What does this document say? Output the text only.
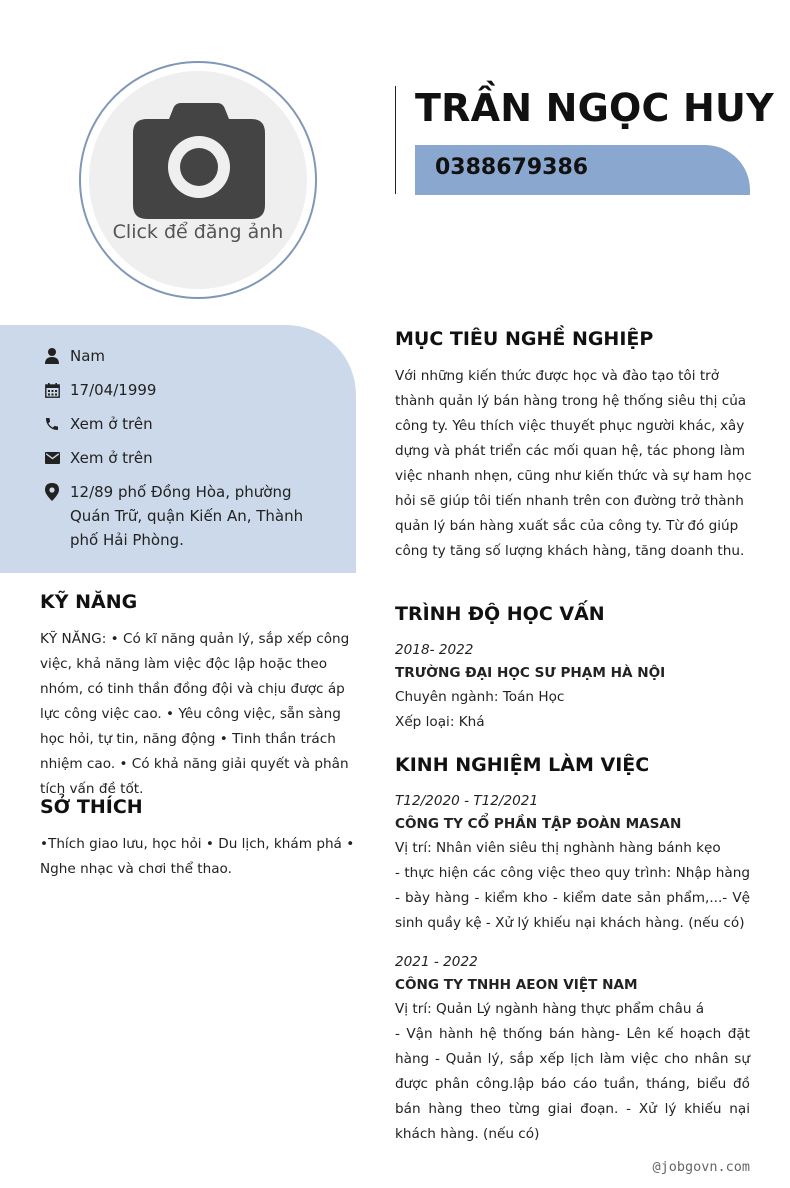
Click để đăng ảnh
TRẦN NGỌC HUY
0388679386
Nam
17/04/1999
Xem ở trên
Xem ở trên
12/89 phố Đồng Hòa, phường Quán Trữ, quận Kiến An, Thành phố Hải Phòng.
KỸ NĂNG
KỸ NĂNG: • Có kĩ năng quản lý, sắp xếp công việc, khả năng làm việc độc lập hoặc theo nhóm, có tinh thần đồng đội và chịu được áp lực công việc cao. • Yêu công việc, sẵn sàng học hỏi, tự tin, năng động • Tinh thần trách nhiệm cao. • Có khả năng giải quyết và phân tích vấn đề tốt.
SỞ THÍCH
•Thích giao lưu, học hỏi • Du lịch, khám phá • Nghe nhạc và chơi thể thao.
MỤC TIÊU NGHỀ NGHIỆP
Với những kiến thức được học và đào tạo tôi trở thành quản lý bán hàng trong hệ thống siêu thị của công ty. Yêu thích việc thuyết phục người khác, xây dựng và phát triển các mối quan hệ, tác phong làm việc nhanh nhẹn, cũng như kiến thức và sự ham học hỏi sẽ giúp tôi tiến nhanh trên con đường trở thành quản lý bán hàng xuất sắc của công ty. Từ đó giúp công ty tăng số lượng khách hàng, tăng doanh thu.
TRÌNH ĐỘ HỌC VẤN
2018- 2022
TRƯỜNG ĐẠI HỌC SƯ PHẠM HÀ NỘI
Chuyên ngành: Toán Học
Xếp loại: Khá
KINH NGHIỆM LÀM VIỆC
T12/2020 - T12/2021
CÔNG TY CỔ PHẦN TẬP ĐOÀN MASAN
Vị trí: Nhân viên siêu thị nghành hàng bánh kẹo
- thực hiện các công việc theo quy trình: Nhập hàng - bày hàng - kiểm kho - kiểm date sản phẩm,...- Vệ sinh quầy kệ - Xử lý khiếu nại khách hàng. (nếu có)
2021 - 2022
CÔNG TY TNHH AEON VIỆT NAM
Vị trí: Quản Lý ngành hàng thực phẩm châu á
- Vận hành hệ thống bán hàng- Lên kế hoạch đặt hàng - Quản lý, sắp xếp lịch làm việc cho nhân sự được phân công.lập báo cáo tuần, tháng, biểu đồ bán hàng theo từng giai đoạn. - Xử lý khiếu nại khách hàng. (nếu có)
@jobgovn.com
